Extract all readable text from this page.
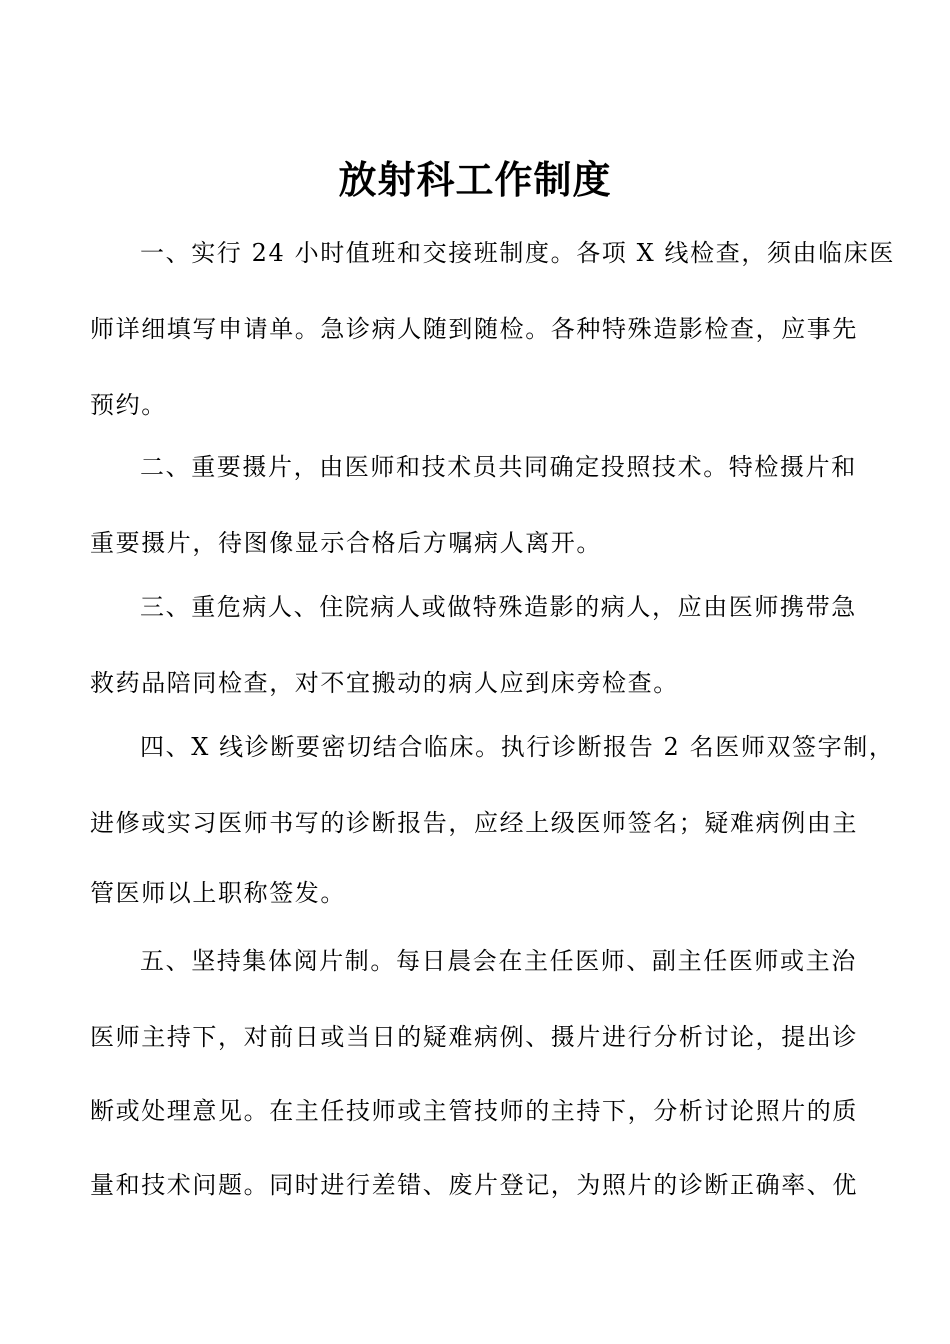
放射科工作制度

一、实行 24 小时值班和交接班制度。各项 X 线检查，须由临床医

师详细填写申请单。急诊病人随到随检。各种特殊造影检查，应事先

预约。

二、重要摄片，由医师和技术员共同确定投照技术。特检摄片和

重要摄片，待图像显示合格后方嘱病人离开。

三、重危病人、住院病人或做特殊造影的病人，应由医师携带急

救药品陪同检查，对不宜搬动的病人应到床旁检查。

四、X 线诊断要密切结合临床。执行诊断报告 2 名医师双签字制，

进修或实习医师书写的诊断报告，应经上级医师签名；疑难病例由主

管医师以上职称签发。

五、坚持集体阅片制。每日晨会在主任医师、副主任医师或主治

医师主持下，对前日或当日的疑难病例、摄片进行分析讨论，提出诊

断或处理意见。在主任技师或主管技师的主持下，分析讨论照片的质

量和技术问题。同时进行差错、废片登记，为照片的诊断正确率、优
